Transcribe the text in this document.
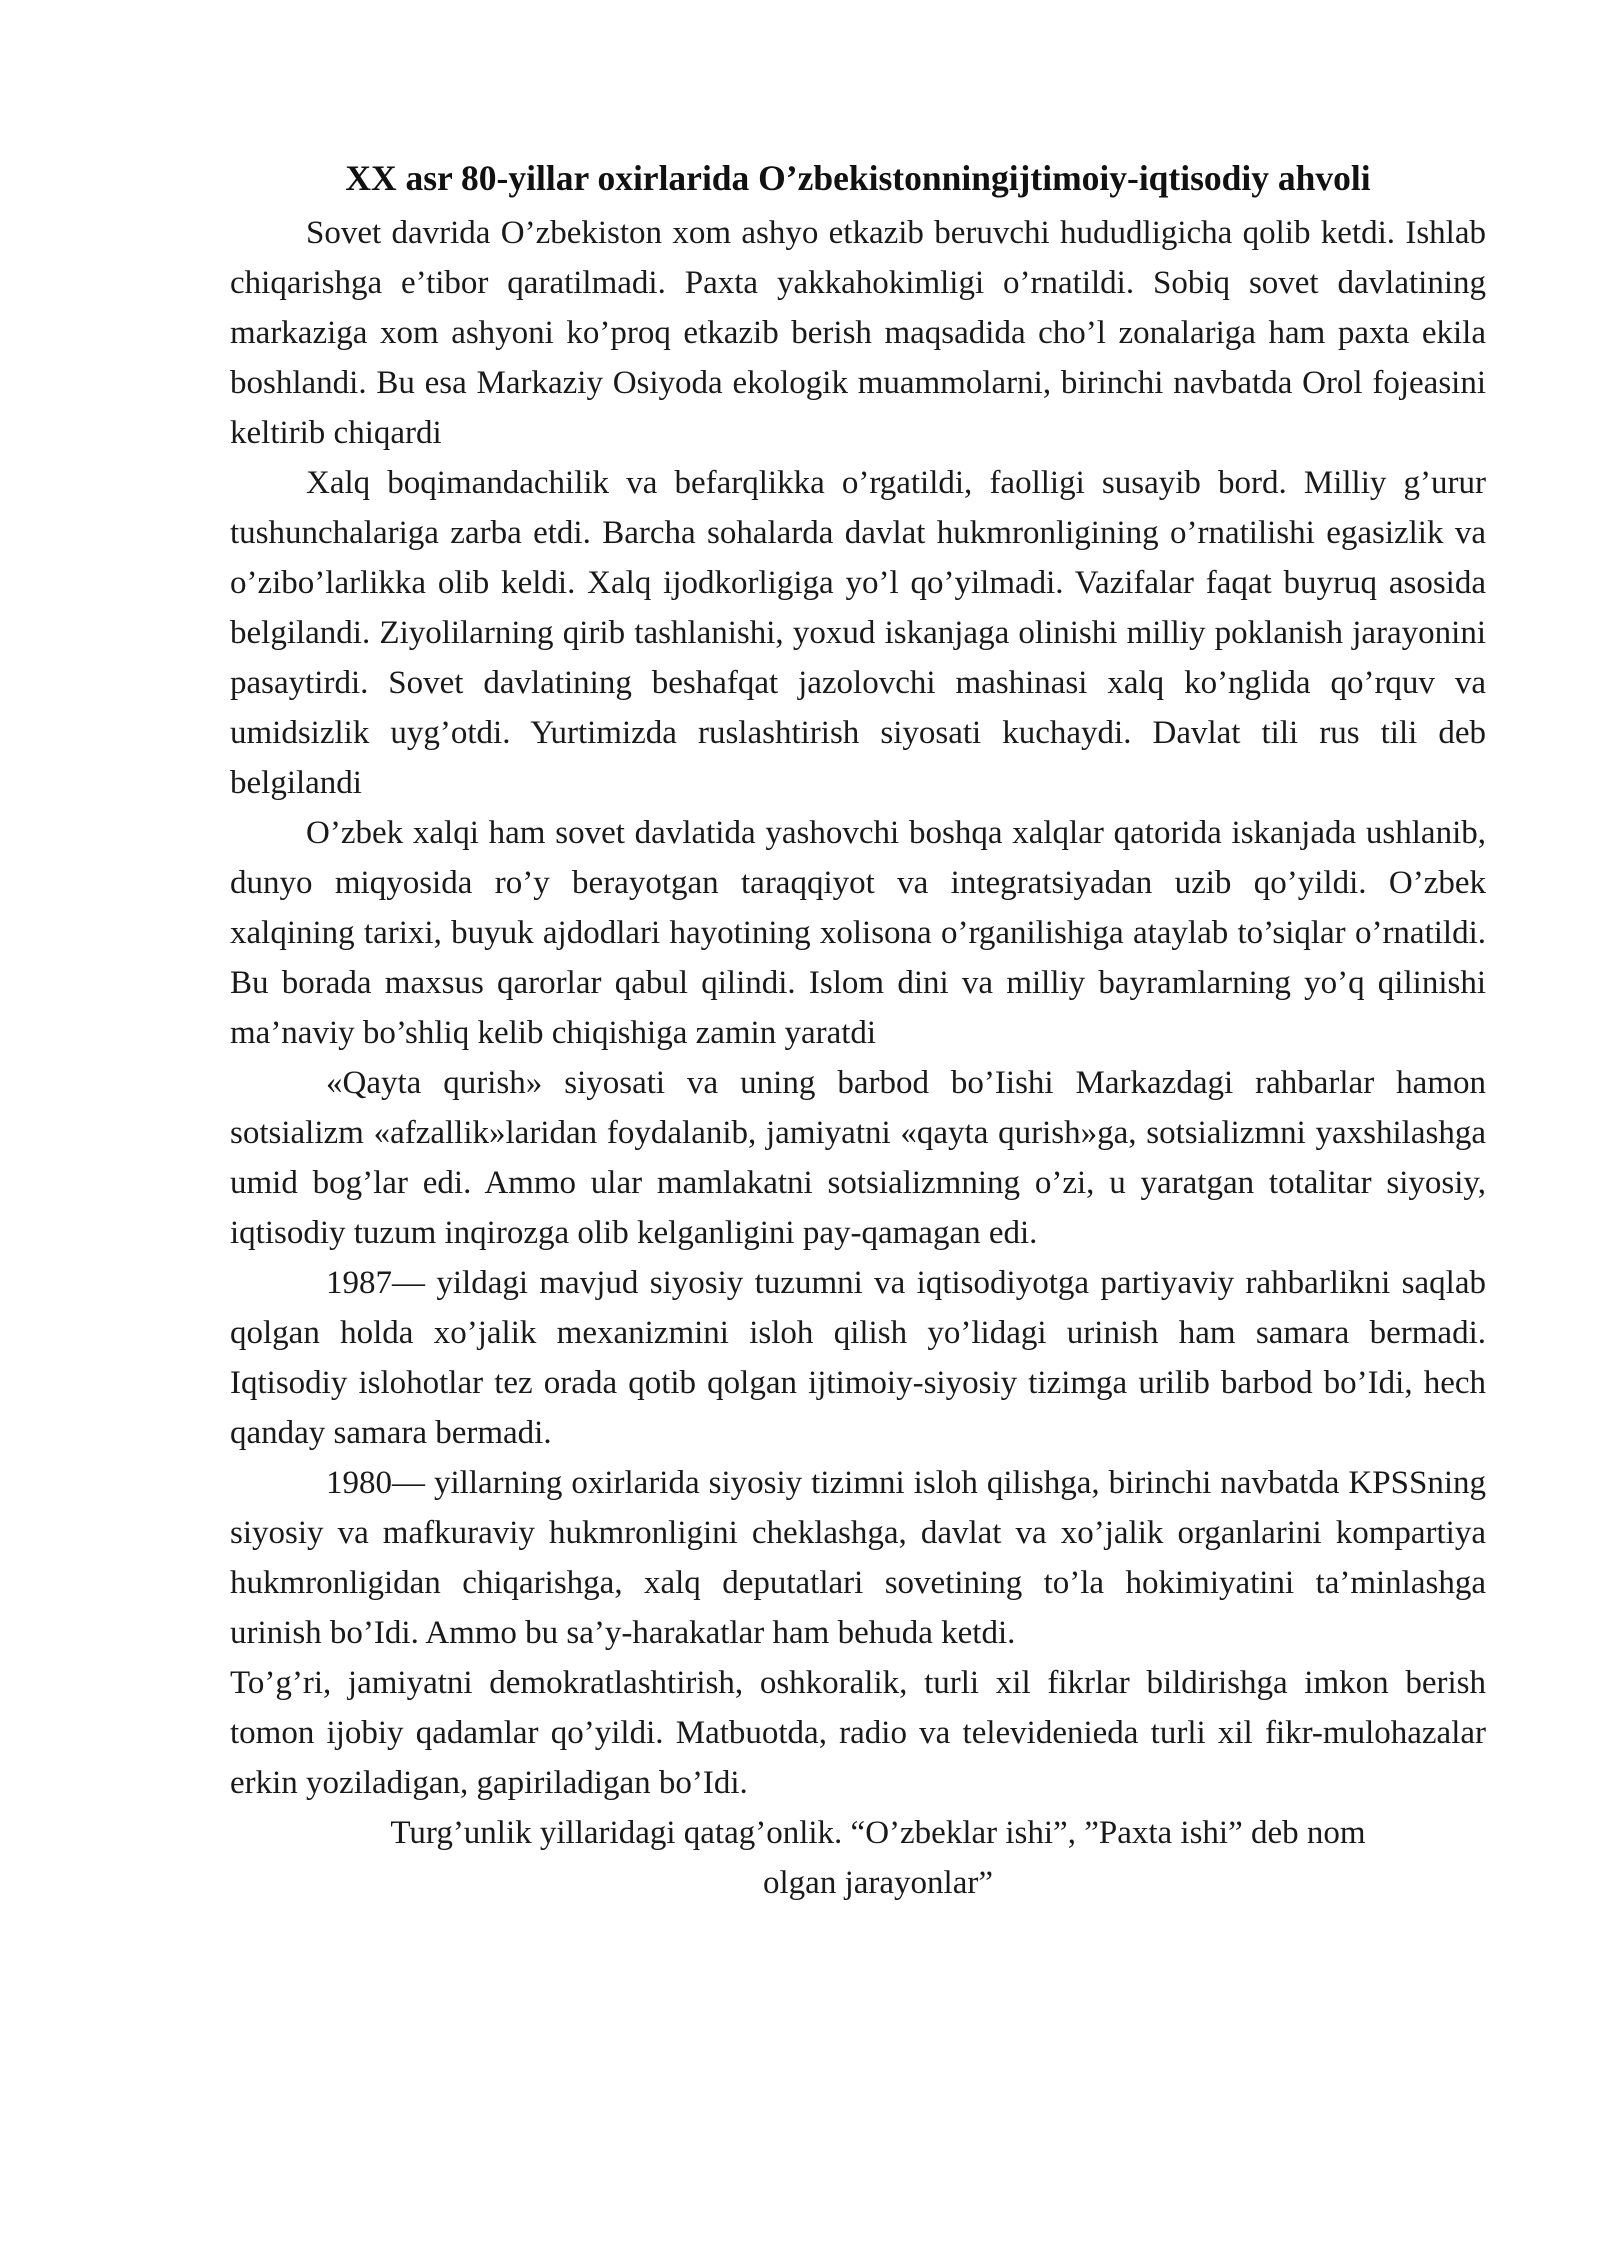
XX asr 80-yillar oxirlarida O’zbekistonningijtimoiy-iqtisodiy ahvoli

Sovet davrida O’zbekiston xom ashyo etkazib beruvchi hududligicha qolib ketdi. Ishlab chiqarishga e’tibor qaratilmadi. Paxta yakkahokimligi o’rnatildi. Sobiq sovet davlatining markaziga xom ashyoni ko’proq etkazib berish maqsadida cho’l zonalariga ham paxta ekila boshlandi. Bu esa Markaziy Osiyoda ekologik muammolarni, birinchi navbatda Orol fojeasini keltirib chiqardi

Xalq boqimandachilik va befarqlikka o’rgatildi, faolligi susayib bord. Milliy g’urur tushunchalariga zarba etdi. Barcha sohalarda davlat hukmronligining o’rnatilishi egasizlik va o’zibo’larlikka olib keldi. Xalq ijodkorligiga yo’l qo’yilmadi. Vazifalar faqat buyruq asosida belgilandi. Ziyolilarning qirib tashlanishi, yoxud iskanjaga olinishi milliy poklanish jarayonini pasaytirdi. Sovet davlatining beshafqat jazolovchi mashinasi xalq ko’nglida qo’rquv va umidsizlik uyg’otdi. Yurtimizda ruslashtirish siyosati kuchaydi. Davlat tili rus tili deb belgilandi

O’zbek xalqi ham sovet davlatida yashovchi boshqa xalqlar qatorida iskanjada ushlanib, dunyo miqyosida ro’y berayotgan taraqqiyot va integratsiyadan uzib qo’yildi. O’zbek xalqining tarixi, buyuk ajdodlari hayotining xolisona o’rganilishiga ataylab to’siqlar o’rnatildi. Bu borada maxsus qarorlar qabul qilindi. Islom dini va milliy bayramlarning yo’q qilinishi ma’naviy bo’shliq kelib chiqishiga zamin yaratdi

«Qayta qurish» siyosati va uning barbod bo’Iishi Markazdagi rahbarlar hamon sotsializm «afzallik»laridan foydalanib, jamiyatni «qayta qurish»ga, sotsializmni yaxshilashga umid bog’lar edi. Ammo ular mamlakatni sotsializmning o’zi, u yaratgan totalitar siyosiy, iqtisodiy tuzum inqirozga olib kelganligini pay-qamagan edi.

1987— yildagi mavjud siyosiy tuzumni va iqtisodiyotga partiyaviy rahbarlikni saqlab qolgan holda xo’jalik mexanizmini isloh qilish yo’lidagi urinish ham samara bermadi. Iqtisodiy islohotlar tez orada qotib qolgan ijtimoiy-siyosiy tizimga urilib barbod bo’Idi, hech qanday samara bermadi.

1980— yillarning oxirlarida siyosiy tizimni isloh qilishga, birinchi navbatda KPSSning siyosiy va mafkuraviy hukmronligini cheklashga, davlat va xo’jalik organlarini kompartiya hukmronligidan chiqarishga, xalq deputatlari sovetining to’la hokimiyatini ta’minlashga urinish bo’Idi. Ammo bu sa’y-harakatlar ham behuda ketdi.

To’g’ri, jamiyatni demokratlashtirish, oshkoralik, turli xil fikrlar bildirishga imkon berish tomon ijobiy qadamlar qo’yildi. Matbuotda, radio va televidenieda turli xil fikr-mulohazalar erkin yoziladigan, gapiriladigan bo’Idi.

Turg’unlik yillaridagi qatag’onlik. “O’zbeklar ishi”, ”Paxta ishi” deb nom

olgan jarayonlar”
